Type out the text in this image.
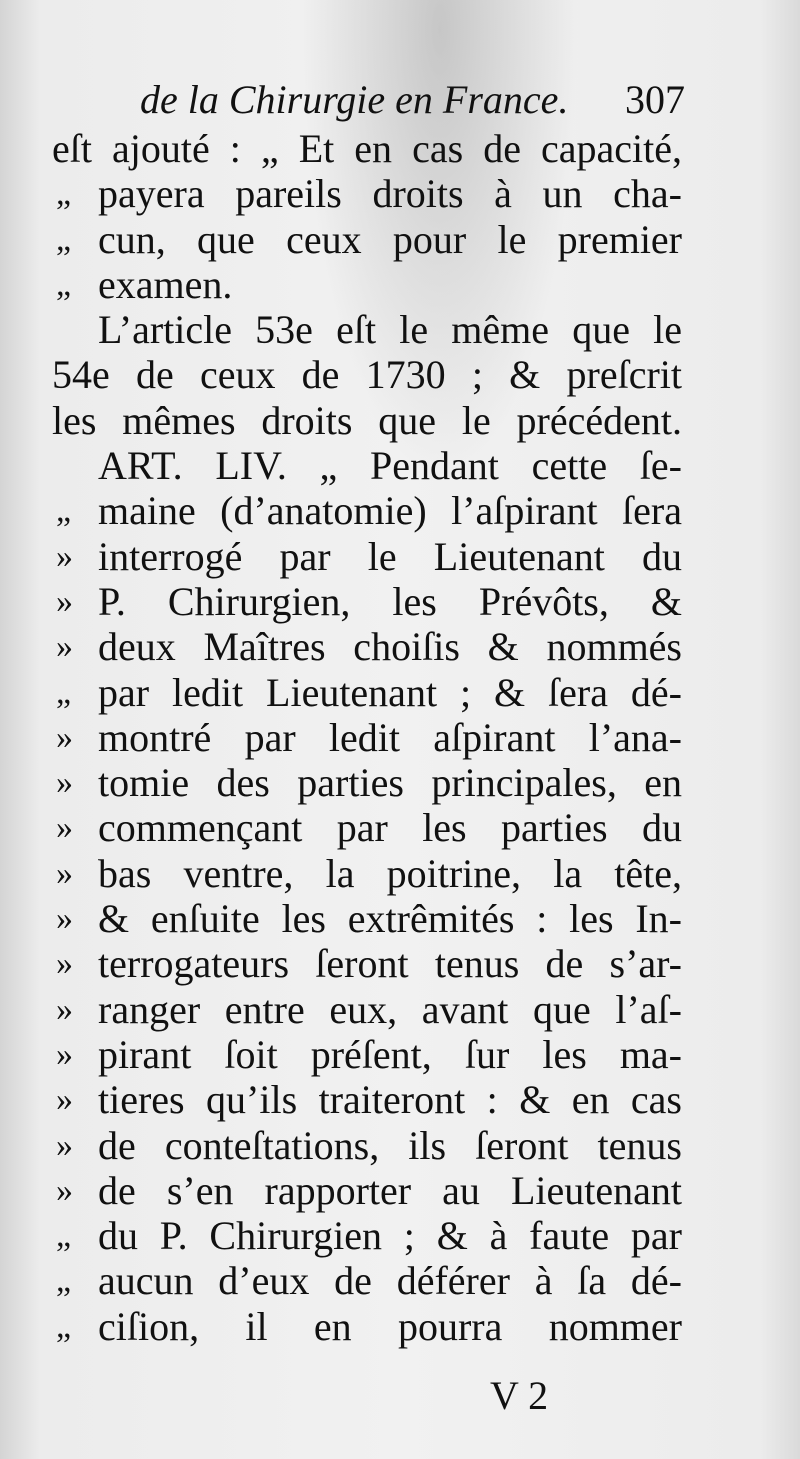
de la Chirurgie en France. 307
eſt ajouté : „ Et en cas de capacité,
„ payera pareils droits à un cha-
„ cun, que ceux pour le premier
„ examen.
L’article 53e eſt le même que le
54e de ceux de 1730 ; & preſcrit
les mêmes droits que le précédent.
ART. LIV. „ Pendant cette ſe-
„ maine (d’anatomie) l’aſpirant ſera
» interrogé par le Lieutenant du
» P. Chirurgien, les Prévôts, &
» deux Maîtres choiſis & nommés
„ par ledit Lieutenant ; & ſera dé-
» montré par ledit aſpirant l’ana-
» tomie des parties principales, en
» commençant par les parties du
» bas ventre, la poitrine, la tête,
» & enſuite les extrêmités : les In-
» terrogateurs ſeront tenus de s’ar-
» ranger entre eux, avant que l’aſ-
» pirant ſoit préſent, ſur les ma-
» tieres qu’ils traiteront : & en cas
» de conteſtations, ils ſeront tenus
» de s’en rapporter au Lieutenant
„ du P. Chirurgien ; & à faute par
„ aucun d’eux de déférer à ſa dé-
„ ciſion, il en pourra nommer
V 2
